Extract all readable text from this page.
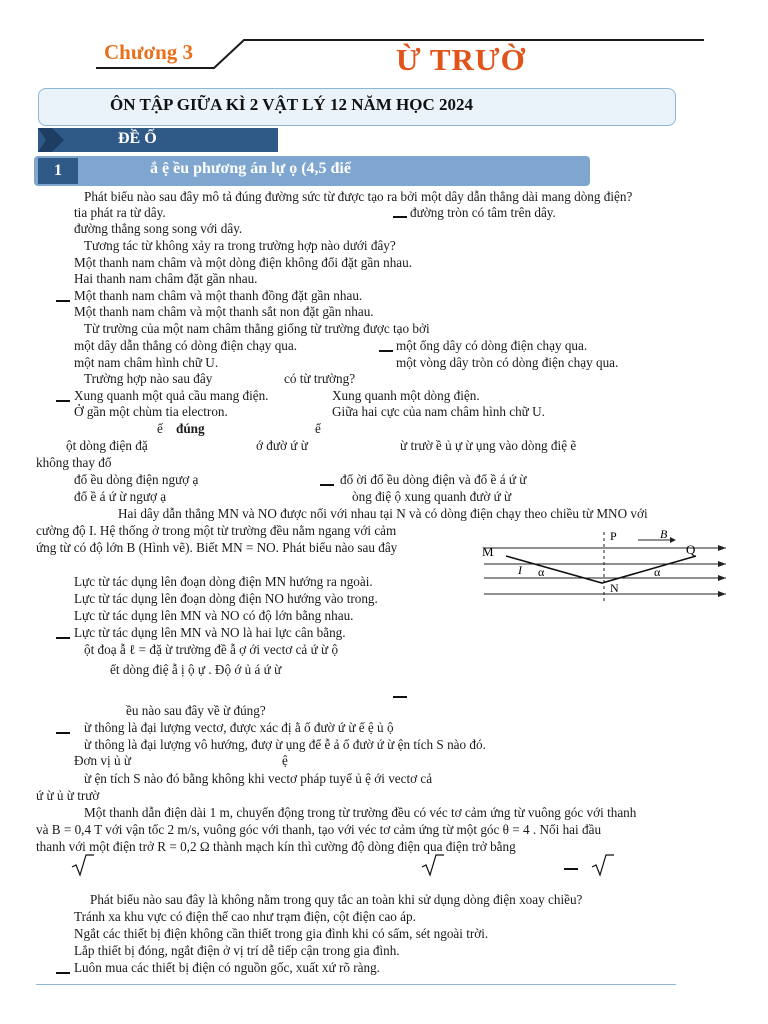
Chương 3	Ừ TRƯỜ
ÔN TẬP GIỮA KÌ 2 VẬT LÝ 12 NĂM HỌC 2024
ĐỀ Ố
1	ắ ệ ều phương án lự ọ (4,5 điể
Phát biểu nào sau đây mô tả đúng đường sức từ được tạo ra bởi một dây dẫn thẳng dài mang dòng điện?
tia phát ra từ dây.	đường tròn có tâm trên dây.
đường thẳng song song với dây.
Tương tác từ không xảy ra trong trường hợp nào dưới đây?
Một thanh nam châm và một dòng điện không đổi đặt gần nhau.
Hai thanh nam châm đặt gần nhau.
Một thanh nam châm và một thanh đồng đặt gần nhau.
Một thanh nam châm và một thanh sắt non đặt gần nhau.
Từ trường của một nam châm thẳng giống từ trường được tạo bởi
một dây dẫn thẳng có dòng điện chạy qua.	một ống dây có dòng điện chạy qua.
một nam châm hình chữ U.	một vòng dây tròn có dòng điện chạy qua.
Trường hợp nào sau đây	có từ trường?
Xung quanh một quả cầu mang điện.	Xung quanh một dòng điện.
Ở gần một chùm tia electron.	Giữa hai cực của nam châm hình chữ U.
ế đúng	ể
ột dòng điện đặ	ớ đườ ứ ừ	ừ trườ ề ủ ự ừ ụng vào dòng điệ ẽ
không thay đổ
đổ ều dòng điện ngượ ạ	đổ ời đổ ều dòng điện và đổ ề á ứ ừ
đổ ề á ứ ừ ngượ ạ	òng điệ ộ xung quanh đườ ứ ừ
Hai dây dẫn thẳng MN và NO được nối với nhau tại N và có dòng điện chạy theo chiều từ MNO với
cường độ I. Hệ thống ở trong một từ trường đều nằm ngang với cảm
ứng từ có độ lớn B (Hình vẽ). Biết MN = NO. Phát biểu nào sau đây
Lực từ tác dụng lên đoạn dòng điện MN hướng ra ngoài.
Lực từ tác dụng lên đoạn dòng điện NO hướng vào trong.
Lực từ tác dụng lên MN và NO có độ lớn bằng nhau.
Lực từ tác dụng lên MN và NO là hai lực cân bằng.
P	B
M	Q
I α	α
N
ột đoạ ẫ ℓ = đặ ừ trường đề ẫ ợ ới vectơ cả ứ ừ ộ
ết dòng điệ ẫ ị ộ ự . Độ ớ ủ á ứ ừ
ều nào sau đây về ừ đúng?
ừ thông là đại lượng vectơ, được xác đị ằ ố đườ ứ ừ ế ệ ủ ộ
ừ thông là đại lượng vô hướng, đượ ừ ụng để ễ ả ố đườ ứ ừ ện tích S nào đó.
Đơn vị ủ ừ	ệ
ừ ện tích S nào đó bằng không khi vectơ pháp tuyế ủ ệ ới vectơ cả
ứ ừ ủ ừ trườ
Một thanh dẫn điện dài 1 m, chuyển động trong từ trường đều có véc tơ cảm ứng từ vuông góc với thanh
và B = 0,4 T với vận tốc 2 m/s, vuông góc với thanh, tạo với véc tơ cảm ứng từ một góc θ = 4 . Nối hai đầu
thanh với một điện trở R = 0,2 Ω thành mạch kín thì cường độ dòng điện qua điện trở bằng
Phát biểu nào sau đây là không nằm trong quy tắc an toàn khi sử dụng dòng điện xoay chiều?
Tránh xa khu vực có điện thế cao như trạm điện, cột điện cao áp.
Ngắt các thiết bị điện không cần thiết trong gia đình khi có sấm, sét ngoài trời.
Lắp thiết bị đóng, ngắt điện ở vị trí dễ tiếp cận trong gia đình.
Luôn mua các thiết bị điện có nguồn gốc, xuất xứ rõ ràng.
